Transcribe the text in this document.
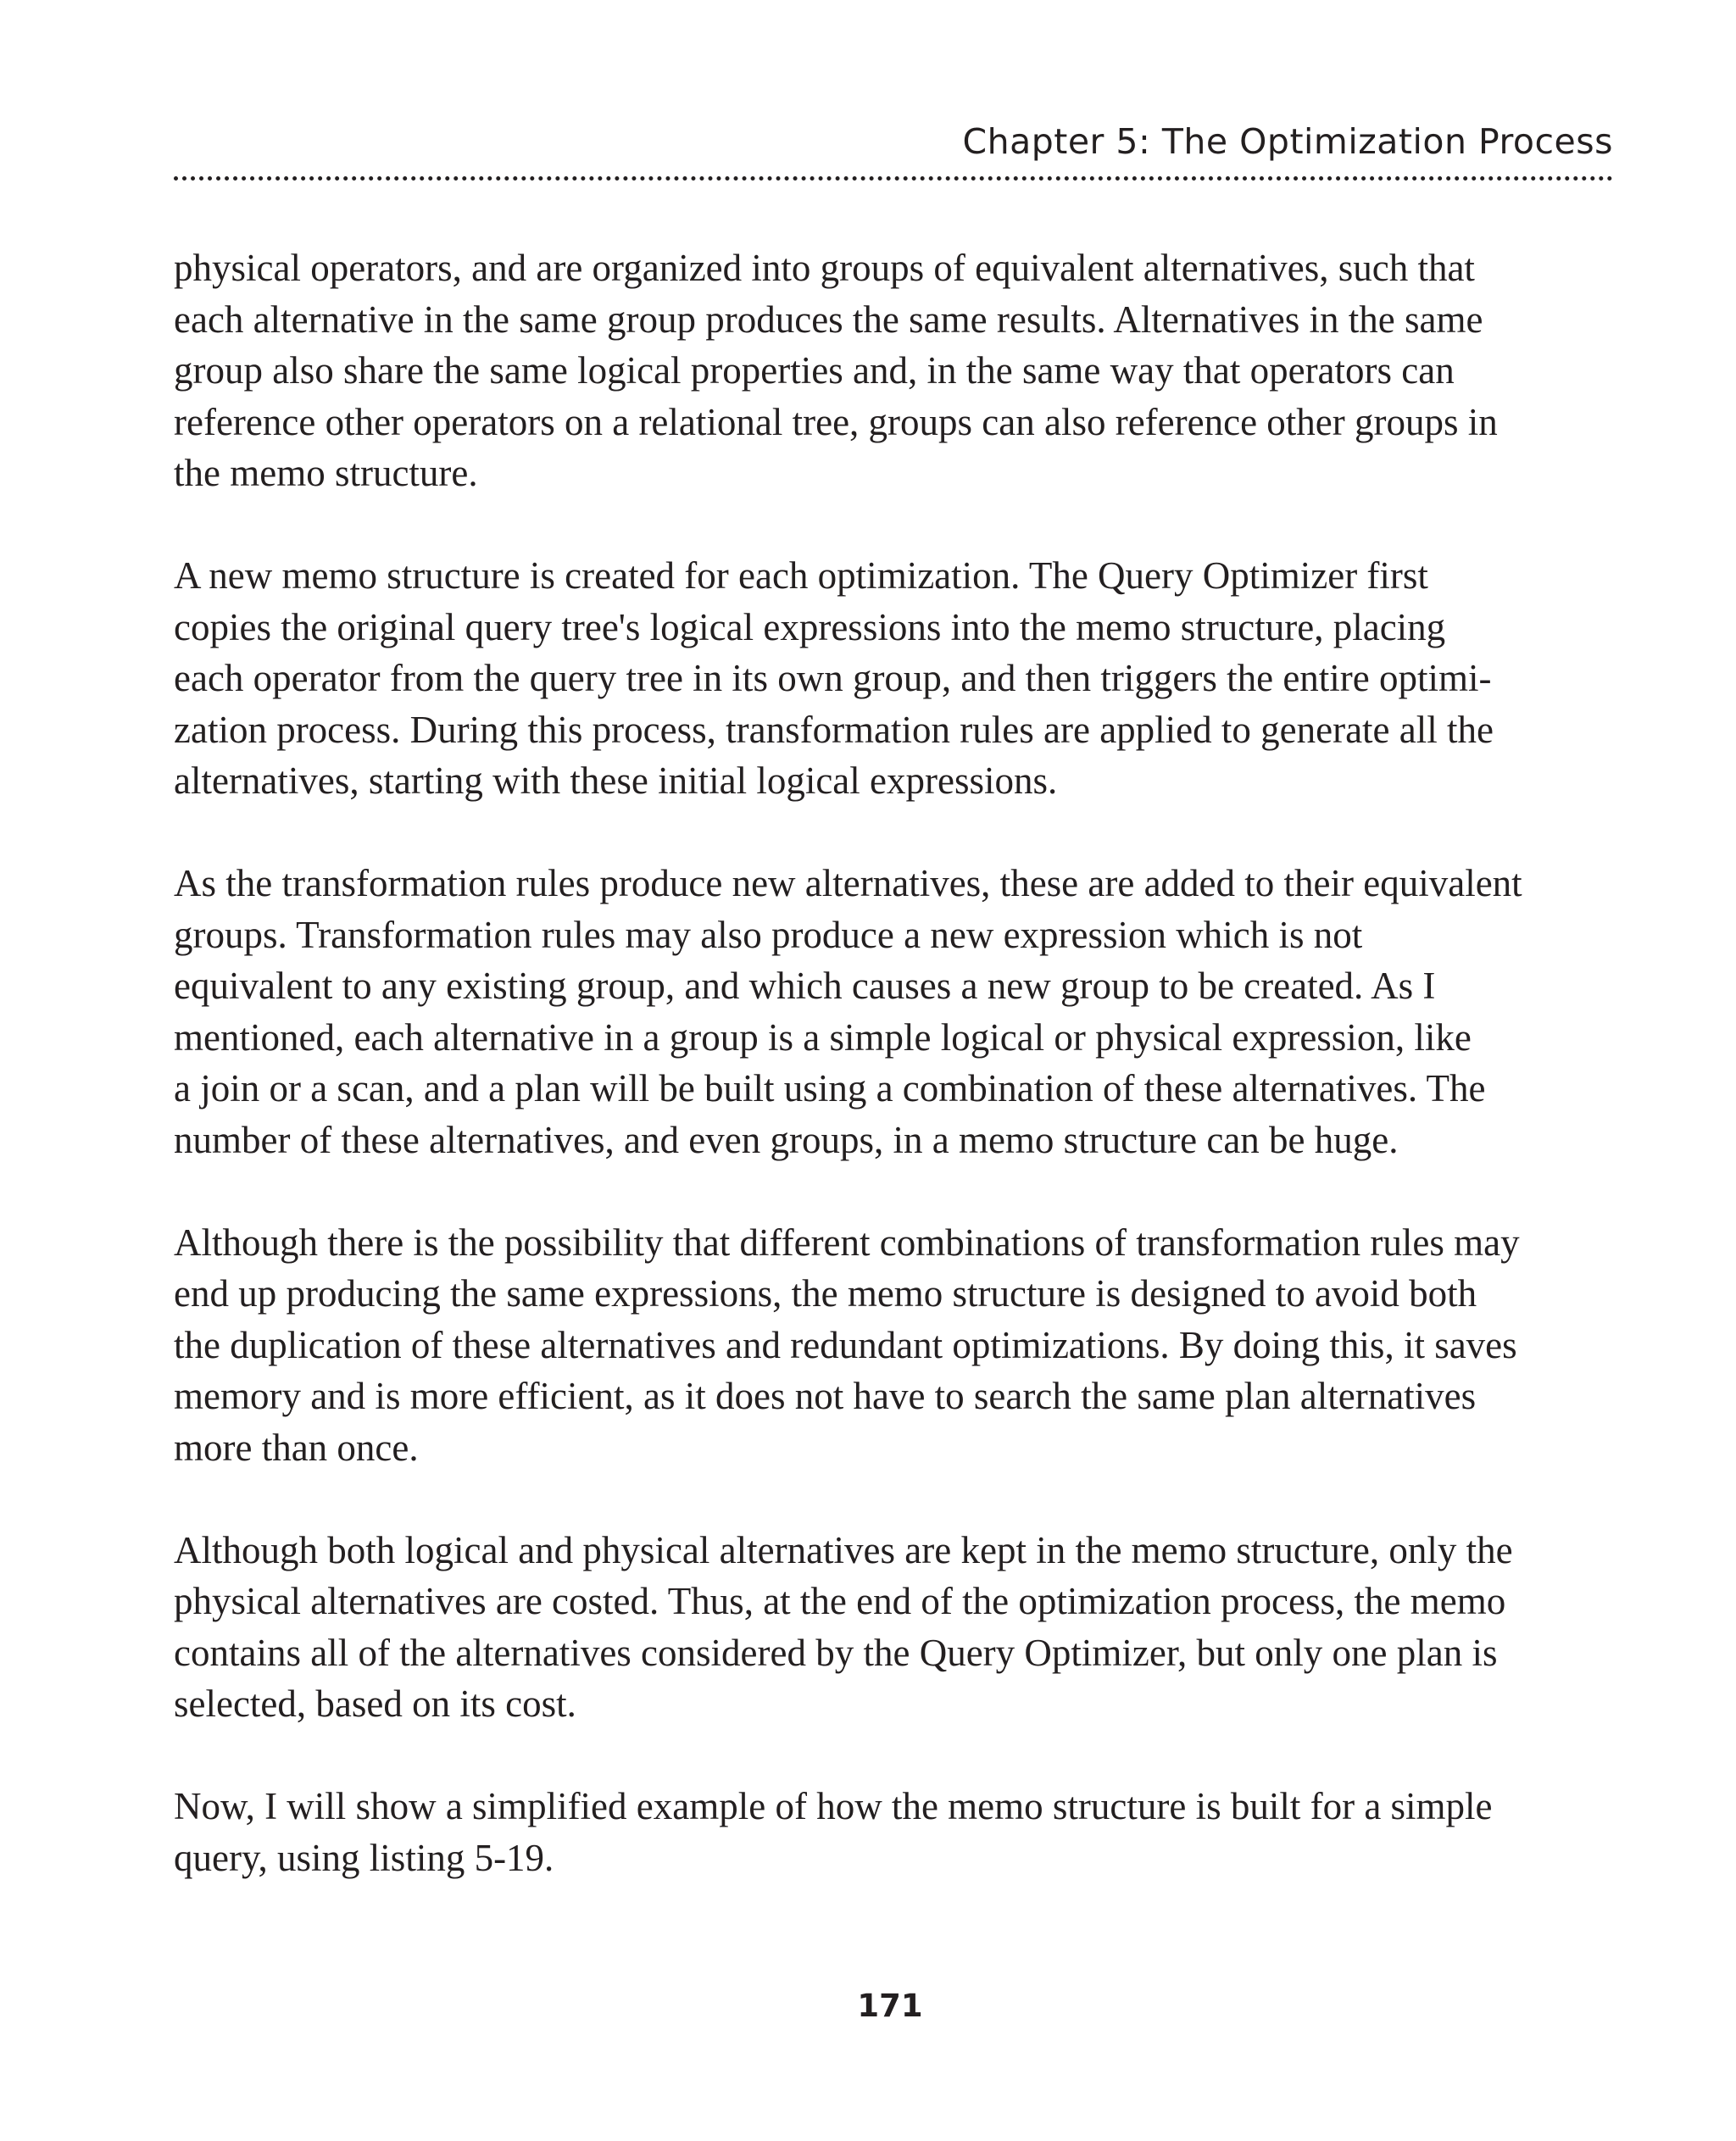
Chapter 5: The Optimization Process

physical operators, and are organized into groups of equivalent alternatives, such that
each alternative in the same group produces the same results. Alternatives in the same
group also share the same logical properties and, in the same way that operators can
reference other operators on a relational tree, groups can also reference other groups in
the memo structure.

A new memo structure is created for each optimization. The Query Optimizer first
copies the original query tree's logical expressions into the memo structure, placing
each operator from the query tree in its own group, and then triggers the entire optimi-
zation process. During this process, transformation rules are applied to generate all the
alternatives, starting with these initial logical expressions.

As the transformation rules produce new alternatives, these are added to their equivalent
groups. Transformation rules may also produce a new expression which is not
equivalent to any existing group, and which causes a new group to be created. As I
mentioned, each alternative in a group is a simple logical or physical expression, like
a join or a scan, and a plan will be built using a combination of these alternatives. The
number of these alternatives, and even groups, in a memo structure can be huge.

Although there is the possibility that different combinations of transformation rules may
end up producing the same expressions, the memo structure is designed to avoid both
the duplication of these alternatives and redundant optimizations. By doing this, it saves
memory and is more efficient, as it does not have to search the same plan alternatives
more than once.

Although both logical and physical alternatives are kept in the memo structure, only the
physical alternatives are costed. Thus, at the end of the optimization process, the memo
contains all of the alternatives considered by the Query Optimizer, but only one plan is
selected, based on its cost.

Now, I will show a simplified example of how the memo structure is built for a simple
query, using listing 5-19.

171
